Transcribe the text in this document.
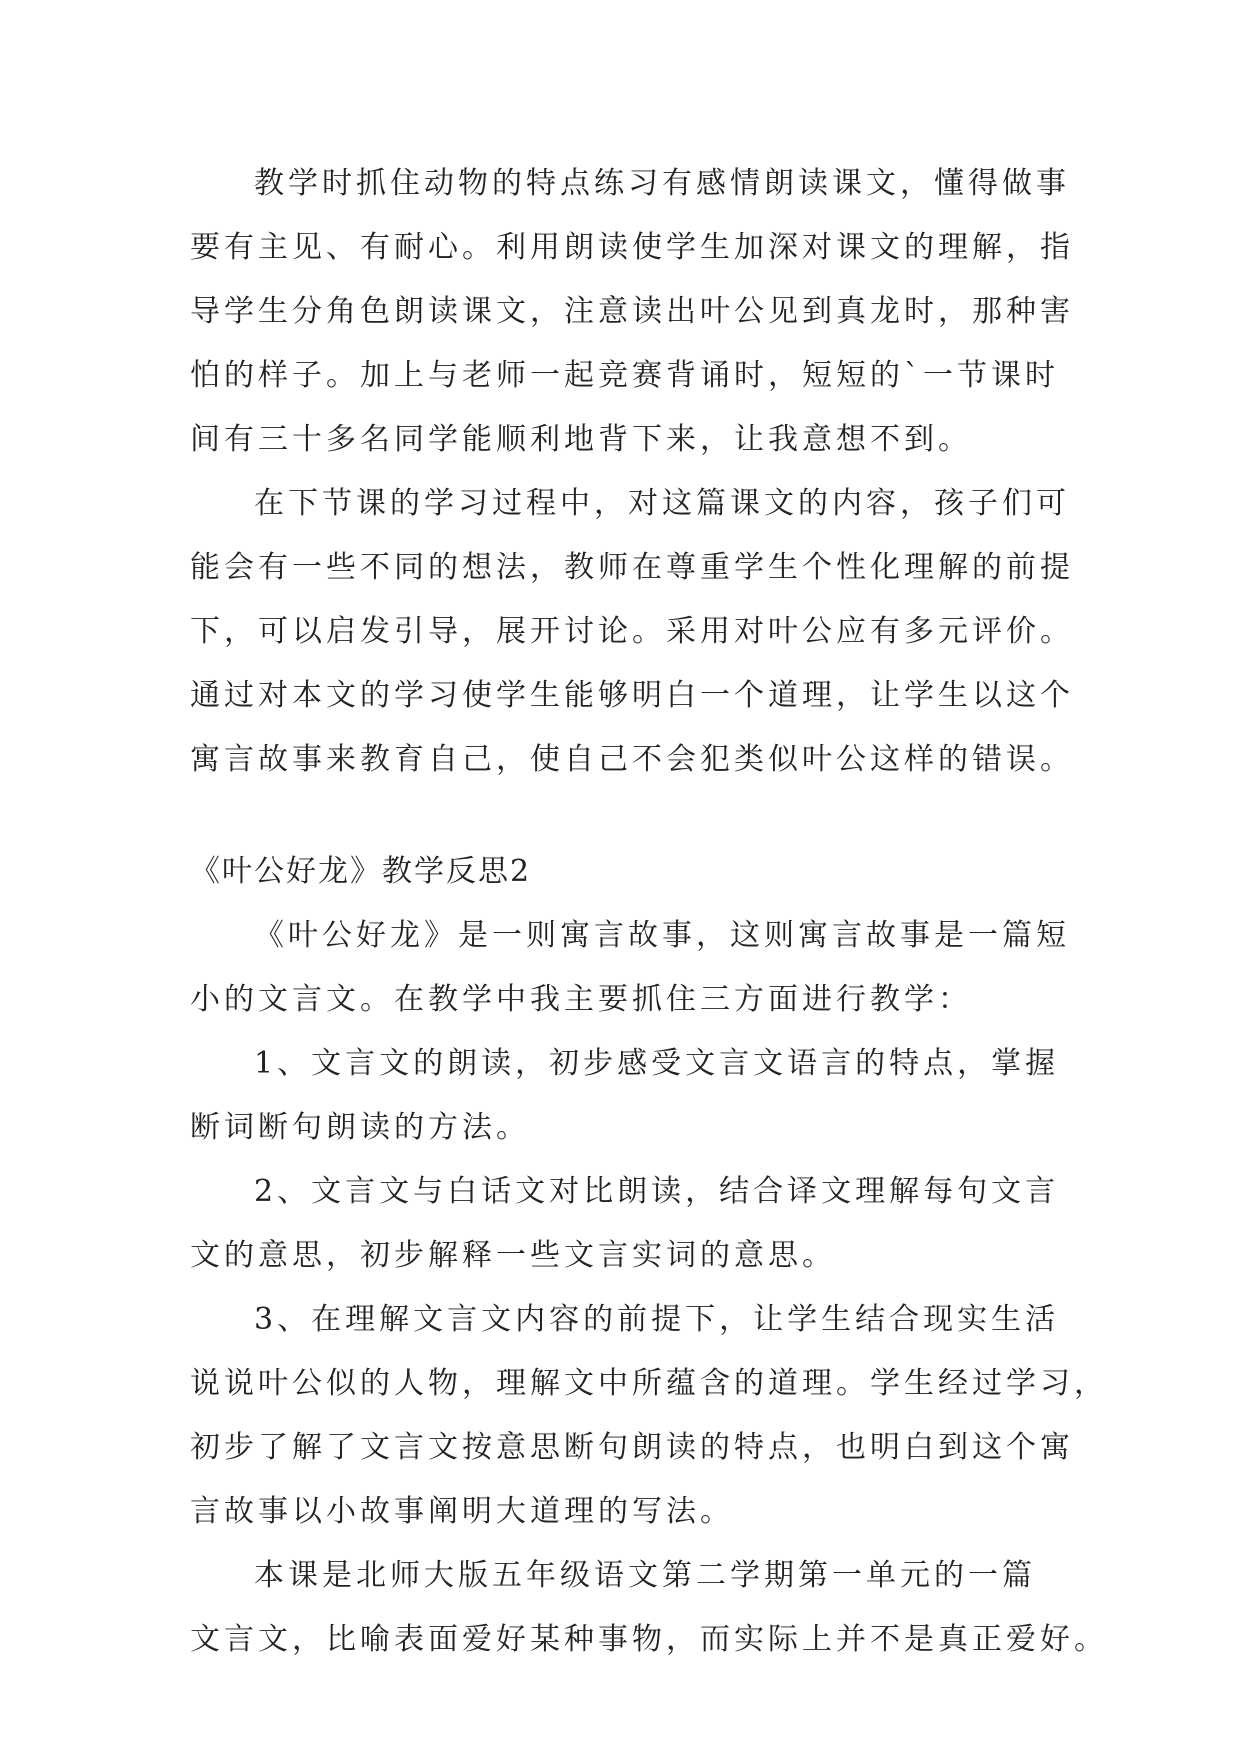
教学时抓住动物的特点练习有感情朗读课文，懂得做事
要有主见、有耐心。利用朗读使学生加深对课文的理解，指
导学生分角色朗读课文，注意读出叶公见到真龙时，那种害
怕的样子。加上与老师一起竞赛背诵时，短短的`一节课时
间有三十多名同学能顺利地背下来，让我意想不到。
在下节课的学习过程中，对这篇课文的内容，孩子们可
能会有一些不同的想法，教师在尊重学生个性化理解的前提
下，可以启发引导，展开讨论。采用对叶公应有多元评价。
通过对本文的学习使学生能够明白一个道理，让学生以这个
寓言故事来教育自己，使自己不会犯类似叶公这样的错误。
《叶公好龙》教学反思2
《叶公好龙》是一则寓言故事，这则寓言故事是一篇短
小的文言文。在教学中我主要抓住三方面进行教学：
1、文言文的朗读，初步感受文言文语言的特点，掌握
断词断句朗读的方法。
2、文言文与白话文对比朗读，结合译文理解每句文言
文的意思，初步解释一些文言实词的意思。
3、在理解文言文内容的前提下，让学生结合现实生活
说说叶公似的人物，理解文中所蕴含的道理。学生经过学习，
初步了解了文言文按意思断句朗读的特点，也明白到这个寓
言故事以小故事阐明大道理的写法。
本课是北师大版五年级语文第二学期第一单元的一篇
文言文，比喻表面爱好某种事物，而实际上并不是真正爱好。
